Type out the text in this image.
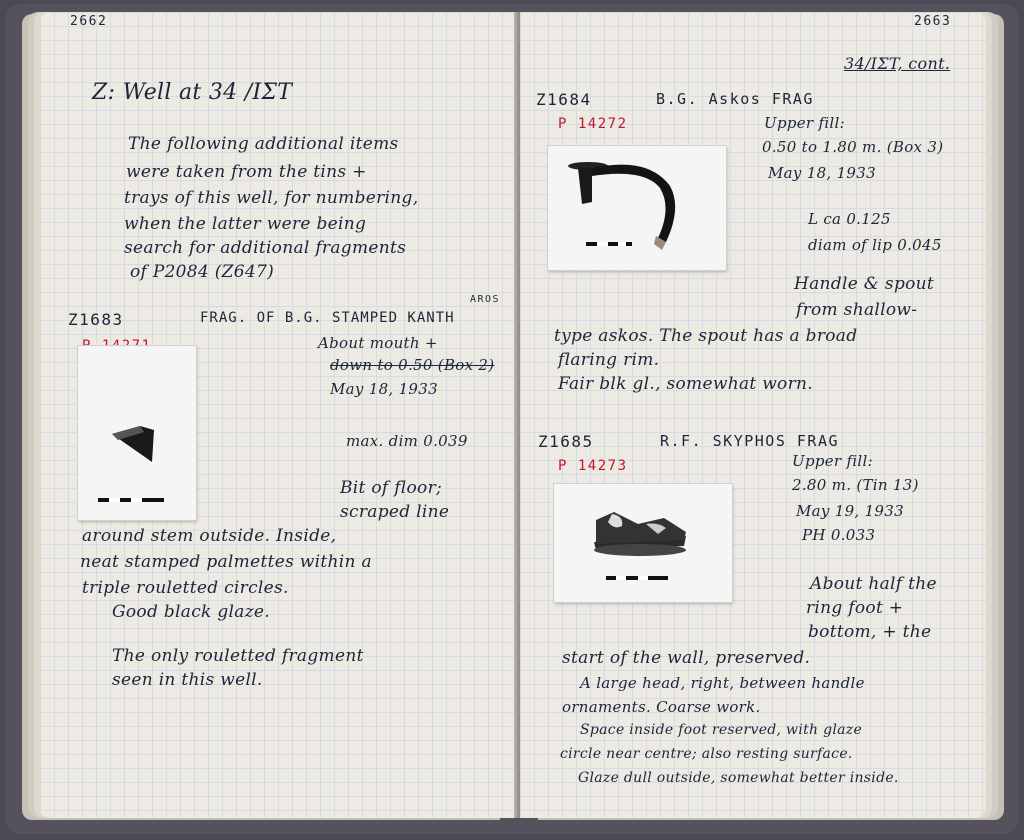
2662
Z: Well at 34 /ΙΣT
The following additional items
were taken from the tins +
trays of this well, for numbering,
when the latter were being
search for additional fragments
of P2084 (Z647)
Z1683	FRAG. OF B.G. STAMPED KANTH
AROS
About mouth +
down to 0.50 (Box 2)
May 18, 1933
max. dim 0.039
Bit of floor;
scraped line
around stem outside. Inside,
neat stamped palmettes within a
triple rouletted circles.
Good black glaze.
The only rouletted fragment
seen in this well.
2663
34/ΙΣT, cont.
Z1684	B.G. Askos FRAG
P 14272	Upper fill:
0.50 to 1.80 m. (Box 3)
May 18, 1933
L ca 0.125
diam of lip 0.045
Handle & spout
from shallow-
type askos. The spout has a broad
flaring rim.
Fair blk gl., somewhat worn.
Z1685	R.F. SKYPHOS FRAG
P 14273	Upper fill:
2.80 m. (Tin 13)
May 19, 1933
PH 0.033
About half the
ring foot +
bottom, + the
start of the wall, preserved.
A large head, right, between handle
ornaments. Coarse work.
Space inside foot reserved, with glaze
circle near centre; also resting surface.
Glaze dull outside, somewhat better inside.
